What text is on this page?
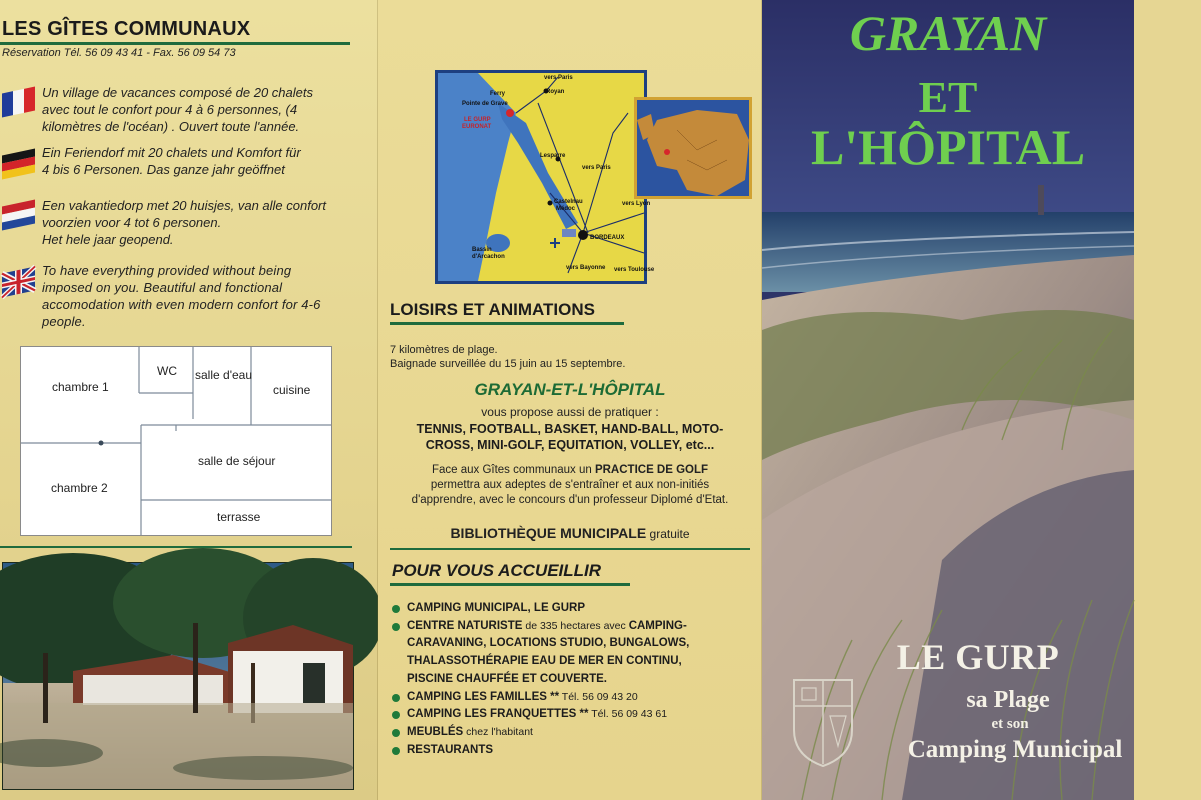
LES GÎTES COMMUNAUX
Réservation Tél. 56 09 43 41 - Fax. 56 09 54 73
Un village de vacances composé de 20 chalets
avec tout le confort pour 4 à 6 personnes, (4
kilomètres de l'océan) . Ouvert toute l'année.
Ein Feriendorf mit 20 chalets und Komfort für
4 bis 6 Personen. Das ganze jahr geöffnet
Een vakantiedorp met 20 huisjes, van alle confort
voorzien voor 4 tot 6 personen.
Het hele jaar geopend.
To have everything provided without being
imposed on you. Beautiful and fonctional
accomodation with even modern confort for 4-6
people.
WC salle d'eau
chambre 1	cuisine
salle de séjour
chambre 2
terrasse
vers Paris
Royan
Ferry
Pointe de Grave
LE GURP
EURONAT
Lesparre
vers Paris
Castelnau
Médoc
vers Lyon
Bassin
d'Arcachon
BORDEAUX
vers Bayonne vers Toulouse
LOISIRS ET ANIMATIONS
7 kilomètres de plage.
Baignade surveillée du 15 juin au 15 septembre.
GRAYAN-ET-L'HÔPITAL
vous propose aussi de pratiquer :
TENNIS, FOOTBALL, BASKET, HAND-BALL, MOTO-
CROSS, MINI-GOLF, EQUITATION, VOLLEY, etc...
Face aux Gîtes communaux un PRACTICE DE GOLF
permettra aux adeptes de s'entraîner et aux non-initiés
d'apprendre, avec le concours d'un professeur Diplomé d'Etat.
BIBLIOTHÈQUE MUNICIPALE gratuite
POUR VOUS ACCUEILLIR
CAMPING MUNICIPAL, LE GURP
CENTRE NATURISTE de 335 hectares avec CAMPING-
CARAVANING, LOCATIONS STUDIO, BUNGALOWS,
THALASSOTHÉRAPIE EAU DE MER EN CONTINU,
PISCINE CHAUFFÉE ET COUVERTE.
CAMPING LES FAMILLES ** Tél. 56 09 43 20
CAMPING LES FRANQUETTES ** Tél. 56 09 43 61
MEUBLÉS chez l'habitant
RESTAURANTS
GRAYAN
ET
L'HÔPITAL
LE GURP
sa Plage
et son
Camping Municipal
